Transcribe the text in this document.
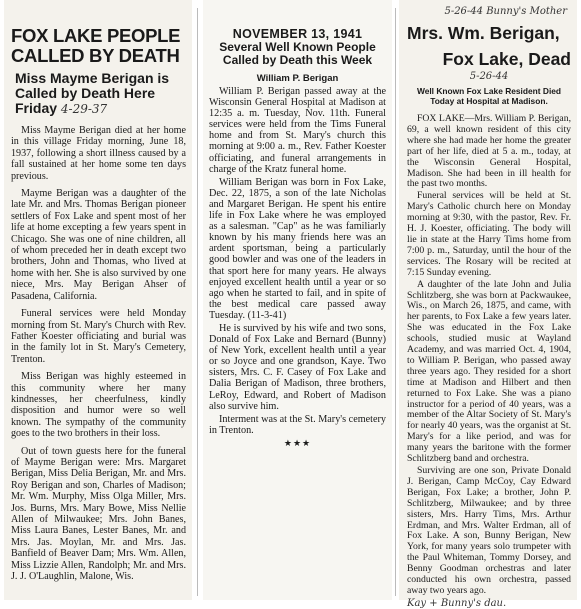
FOX LAKE PEOPLE CALLED BY DEATH
Miss Mayme Berigan is Called by Death Here Friday 4-29-37

Miss Mayme Berigan died at her home in this village Friday morning, June 18, 1937, following a short illness caused by a fall sustained at her home some ten days previous.

Mayme Berigan was a daughter of the late Mr. and Mrs. Thomas Berigan pioneer settlers of Fox Lake and spent most of her life at home excepting a few years spent in Chicago. She was one of nine children, all of whom preceded her in death except two brothers, John and Thomas, who lived at home with her. She is also survived by one niece, Mrs. May Berigan Ahser of Pasadena, California.

Funeral services were held Monday morning from St. Mary's Church with Rev. Father Koester officiating and burial was in the family lot in St. Mary's Cemetery, Trenton.

Miss Berigan was highly esteemed in this community where her many kindnesses, her cheerfulness, kindly disposition and humor were so well known. The sympathy of the community goes to the two brothers in their loss.

Out of town guests here for the funeral of Mayme Berigan were: Mrs. Margaret Berigan, Miss Delia Berigan, Mr. and Mrs. Roy Berigan and son, Charles of Madison; Mr. Wm. Murphy, Miss Olga Miller, Mrs. Jos. Burns, Mrs. Mary Bowe, Miss Nellie Allen of Milwaukee; Mrs. John Banes, Miss Laura Banes, Lester Banes, Mr. and Mrs. Jas. Moylan, Mr. and Mrs. Jas. Banfield of Beaver Dam; Mrs. Wm. Allen, Miss Lizzie Allen, Randolph; Mr. and Mrs. J. J. O'Laughlin, Malone, Wis.

NOVEMBER 13, 1941
Several Well Known People Called by Death this Week
William P. Berigan

William P. Berigan passed away at the Wisconsin General Hospital at Madison at 12:35 a. m. Tuesday, Nov. 11th. Funeral services were held from the Tims Funeral home and from St. Mary's church this morning at 9:00 a. m., Rev. Father Koester officiating, and funeral arrangements in charge of the Kratz funeral home.

William Berigan was born in Fox Lake, Dec. 22, 1875, a son of the late Nicholas and Margaret Berigan. He spent his entire life in Fox Lake where he was employed as a salesman. "Cap" as he was familiarly known by his many friends here was an ardent sportsman, being a particularly good bowler and was one of the leaders in that sport here for many years. He always enjoyed excellent health until a year or so ago when he started to fail, and in spite of the best medical care passed away Tuesday. (11-3-41)

He is survived by his wife and two sons, Donald of Fox Lake and Bernard (Bunny) of New York, excellent health until a year or so Joyce and one grandson, Kaye. Two sisters, Mrs. C. F. Casey of Fox Lake and Dalia Berigan of Madison, three brothers, LeRoy, Edward, and Robert of Madison also survive him.

Interment was at the St. Mary's cemetery in Trenton.

★★★
5-26-44 Bunny's Mother
Mrs. Wm. Berigan,
Fox Lake, Dead
5-26-44
Well Known Fox Lake Resident Died Today at Hospital at Madison.

FOX LAKE—Mrs. William P. Berigan, 69, a well known resident of this city where she had made her home the greater part of her life, died at 5 a. m., today, at the Wisconsin General Hospital, Madison. She had been in ill health for the past two months.

Funeral services will be held at St. Mary's Catholic church here on Monday morning at 9:30, with the pastor, Rev. Fr. H. J. Koester, officiating. The body will lie in state at the Harry Tims home from 7:00 p. m., Saturday, until the hour of the services. The Rosary will be recited at 7:15 Sunday evening.

A daughter of the late John and Julia Schlitzberg, she was born at Packwaukee, Wis., on March 26, 1875, and came, with her parents, to Fox Lake a few years later. She was educated in the Fox Lake schools, studied music at Wayland Academy, and was married Oct. 4, 1904, to William P. Berigan, who passed away three years ago. They resided for a short time at Madison and Hilbert and then returned to Fox Lake. She was a piano instructor for a period of 40 years, was a member of the Altar Society of St. Mary's for nearly 40 years, was the organist at St. Mary's for a like period, and was for many years the baritone with the former Schlitzberg band and orchestra.

Surviving are one son, Private Donald J. Berigan, Camp McCoy, Cay Edward Berigan, Fox Lake; a brother, John P. Schlitzberg, Milwaukee; and by three sisters, Mrs. Harry Tims, Mrs. Arthur Erdman, and Mrs. Walter Erdman, all of Fox Lake. A son, Bunny Berigan, New York, for many years solo trumpeter with the Paul Whiteman, Tommy Dorsey, and Benny Goodman orchestras and later conducted his own orchestra, passed away two years ago.

Kay + Bunny's dau.
